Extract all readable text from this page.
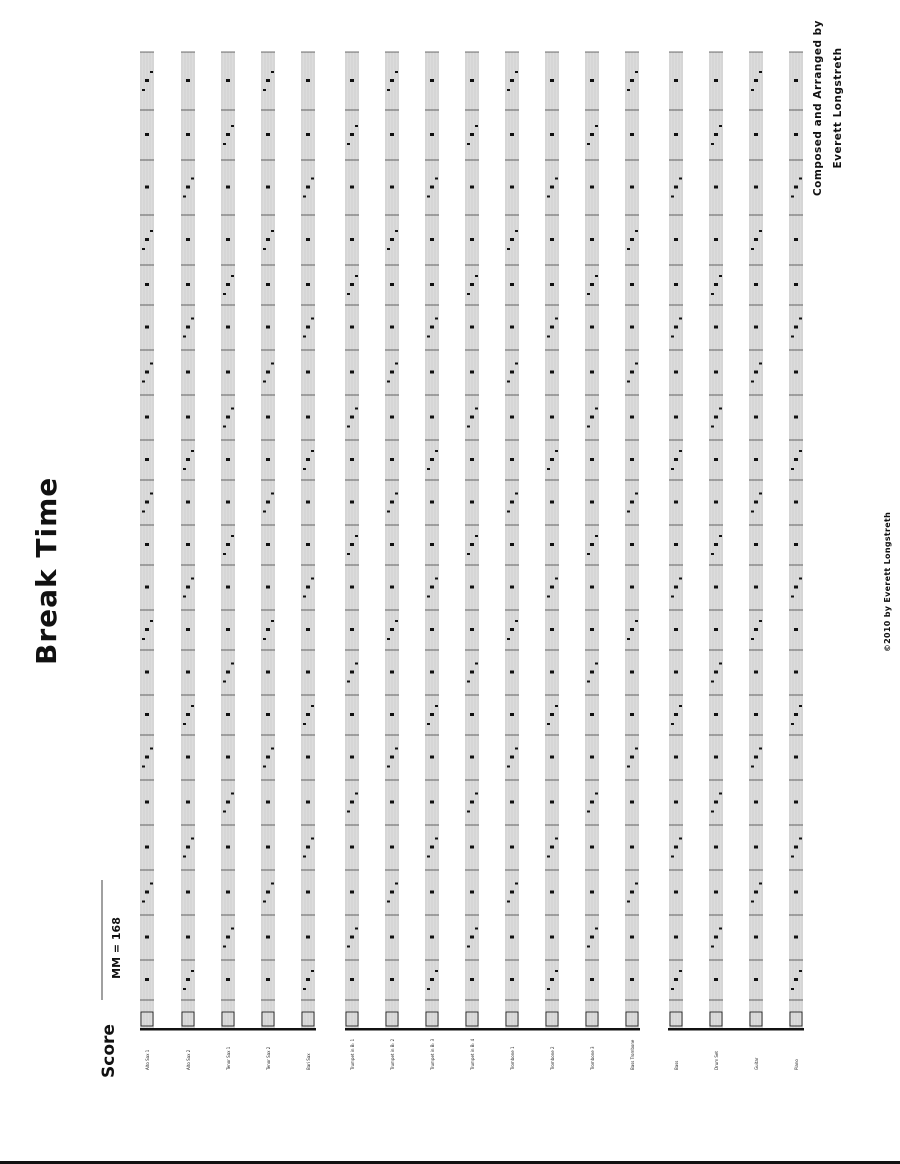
Break Time
Score
Composed and Arranged by Everett Longstreth
MM = 168
©2010 by Everett Longstreth
Alto Sax 1	Alto Sax 2	Tenor Sax 1	Tenor Sax 2	Bari Sax	Trumpet in B♭ 1	Trumpet in B♭ 2	Trumpet in B♭ 3	Trumpet in B♭ 4	Trombone 1	Trombone 2	Trombone 3	Bass Trombone	Bass	Drum Set	Guitar	Piano
